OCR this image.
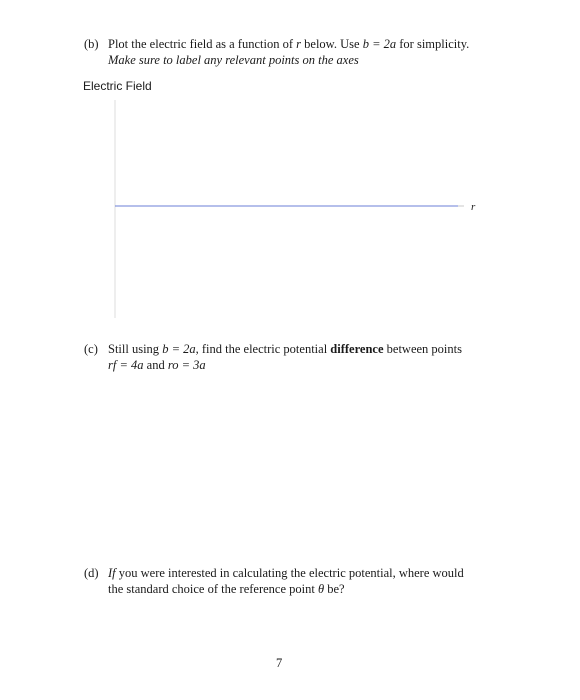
(b) Plot the electric field as a function of r below. Use b = 2a for simplicity.
Make sure to label any relevant points on the axes
Electric Field
r
(c) Still using b = 2a, find the electric potential difference between points
rf = 4a and ro = 3a
(d) If you were interested in calculating the electric potential, where would
the standard choice of the reference point θ be?
7
